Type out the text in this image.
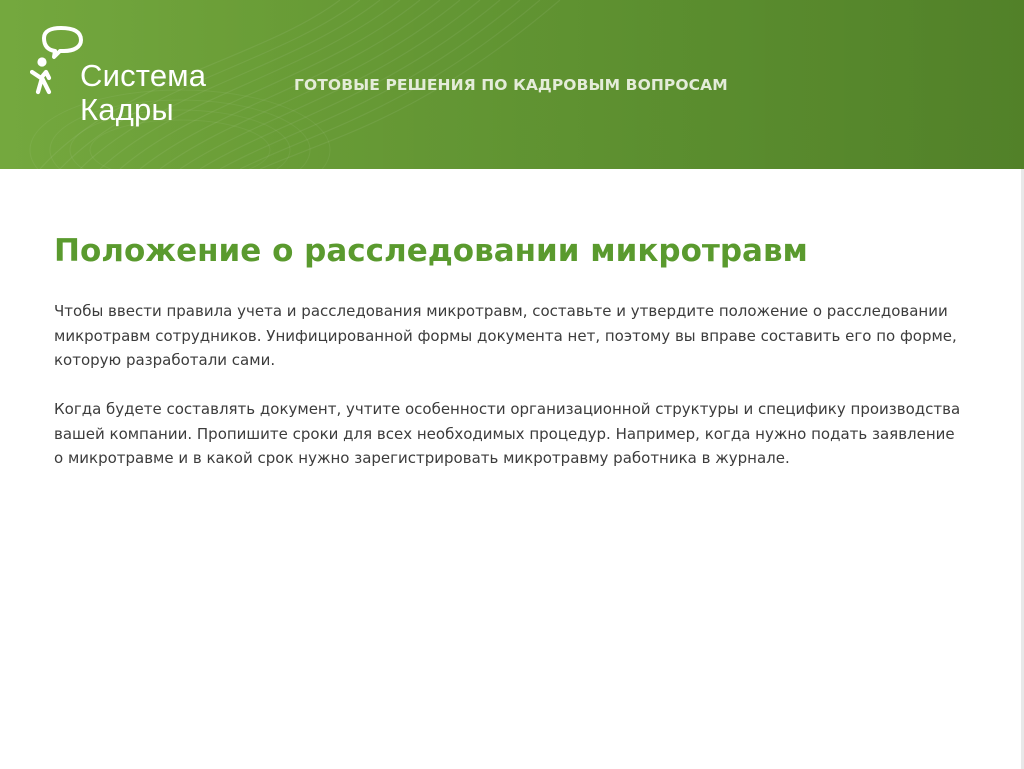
Система
Кадры
ГОТОВЫЕ РЕШЕНИЯ ПО КАДРОВЫМ ВОПРОСАМ
Положение о расследовании микротравм

Чтобы ввести правила учета и расследования микротравм, составьте и утвердите положение о расследовании
микротравм сотрудников. Унифицированной формы документа нет, поэтому вы вправе составить его по форме,
которую разработали сами.

Когда будете составлять документ, учтите особенности организационной структуры и специфику производства
вашей компании. Пропишите сроки для всех необходимых процедур. Например, когда нужно подать заявление
о микротравме и в какой срок нужно зарегистрировать микротравму работника в журнале.
